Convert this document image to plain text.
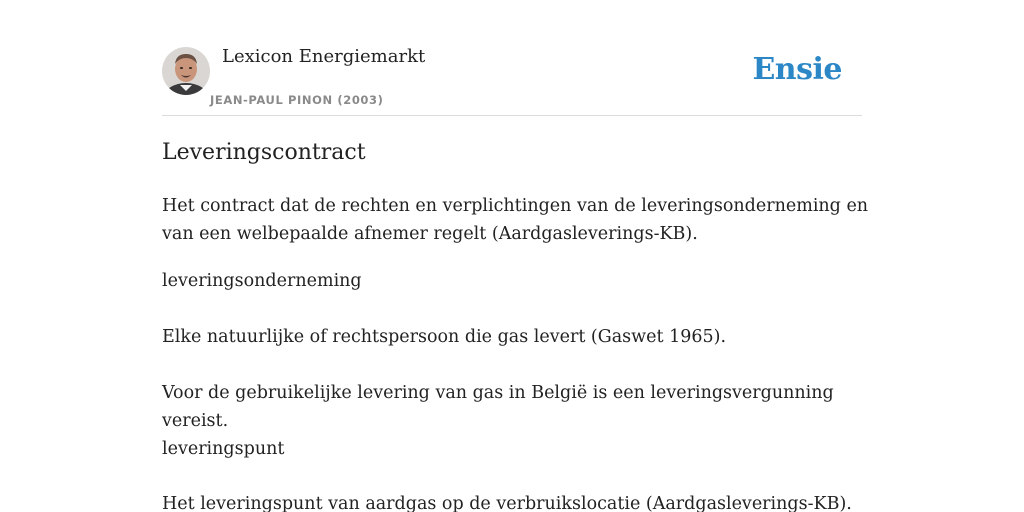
Lexicon Energiemarkt
JEAN-PAUL PINON (2003)
Ensie
Leveringscontract

Het contract dat de rechten en verplichtingen van de leveringsonderneming en van een welbepaalde afnemer regelt (Aardgasleverings-KB).

leveringsonderneming

Elke natuurlijke of rechtspersoon die gas levert (Gaswet 1965).

Voor de gebruikelijke levering van gas in België is een leveringsvergunning vereist.

leveringspunt

Het leveringspunt van aardgas op de verbruikslocatie (Aardgasleverings-KB).
